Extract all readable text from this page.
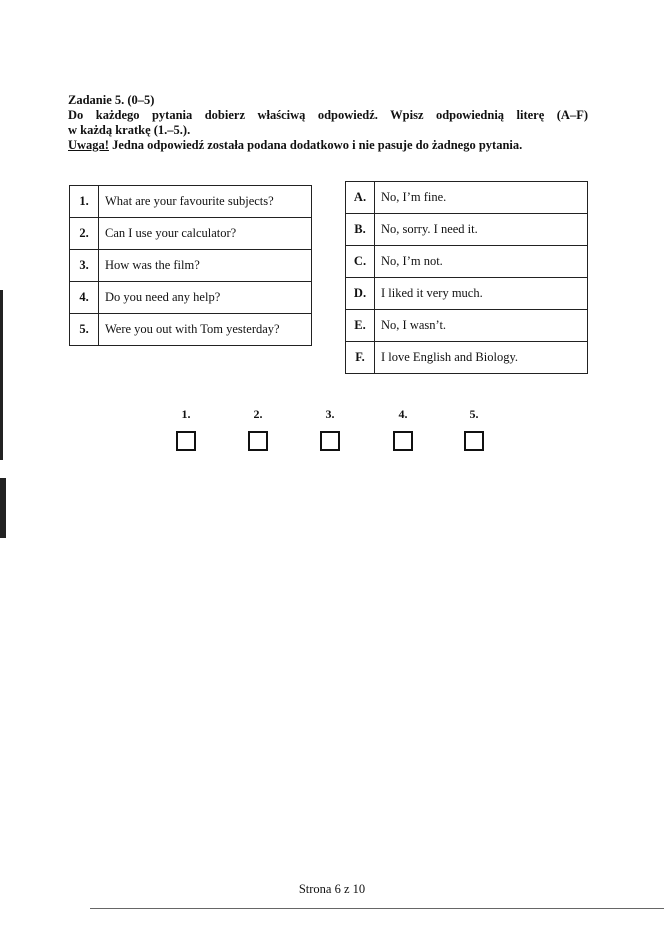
Zadanie 5. (0–5)
Do każdego pytania dobierz właściwą odpowiedź. Wpisz odpowiednią literę (A–F)
w każdą kratkę (1.–5.).
Uwaga! Jedna odpowiedź została podana dodatkowo i nie pasuje do żadnego pytania.
1.	What are your favourite subjects?
2.	Can I use your calculator?
3.	How was the film?
4.	Do you need any help?
5.	Were you out with Tom yesterday?
A.	No, I’m fine.
B.	No, sorry. I need it.
C.	No, I’m not.
D.	I liked it very much.
E.	No, I wasn’t.
F.	I love English and Biology.
1.	2.	3.	4.	5.
Strona 6 z 10
